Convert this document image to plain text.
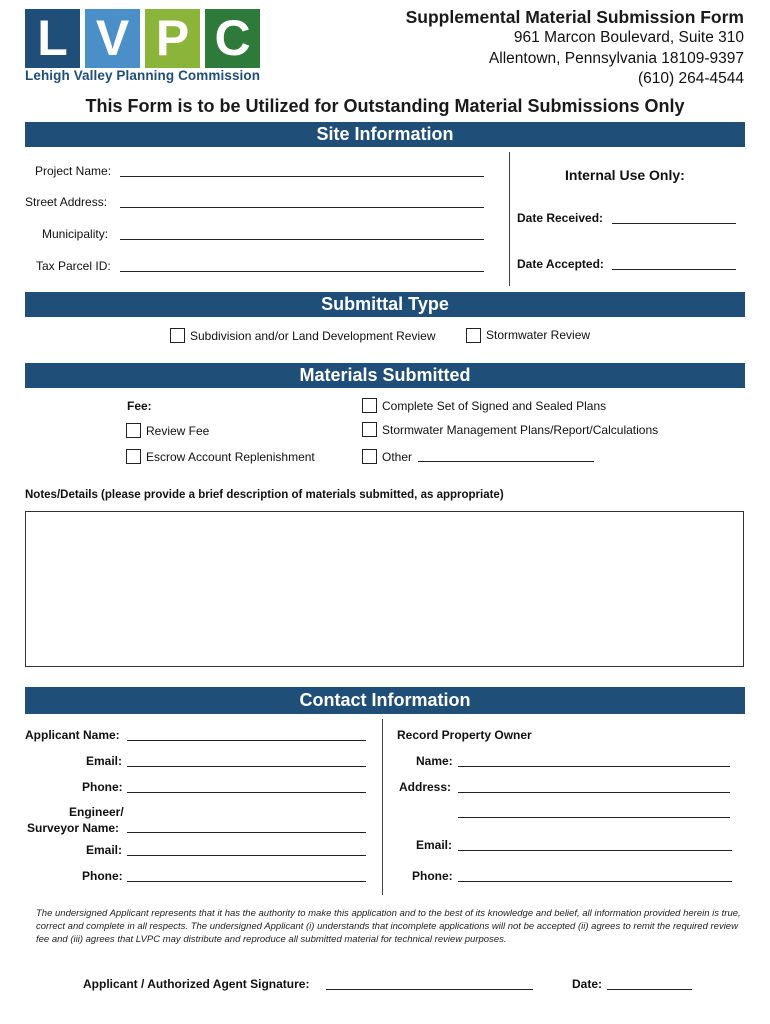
L V P C
Lehigh Valley Planning Commission
Supplemental Material Submission Form
961 Marcon Boulevard, Suite 310
Allentown, Pennsylvania 18109-9397
(610) 264-4544
This Form is to be Utilized for Outstanding Material Submissions Only
Site Information
Project Name:
Street Address:
Municipality:
Tax Parcel ID:
Internal Use Only:
Date Received:
Date Accepted:
Submittal Type
Subdivision and/or Land Development Review	Stormwater Review
Materials Submitted
Fee:
Review Fee
Escrow Account Replenishment
Complete Set of Signed and Sealed Plans
Stormwater Management Plans/Report/Calculations
Other
Notes/Details (please provide a brief description of materials submitted, as appropriate)
Contact Information
Applicant Name:
Email:
Phone:
Engineer/
Surveyor Name:
Email:
Phone:
Record Property Owner
Name:
Address:
Email:
Phone:
The undersigned Applicant represents that it has the authority to make this application and to the best of its knowledge and belief, all information provided herein is true, correct and complete in all respects. The undersigned Applicant (i) understands that incomplete applications will not be accepted (ii) agrees to remit the required review fee and (iii) agrees that LVPC may distribute and reproduce all submitted material for technical review purposes.
Applicant / Authorized Agent Signature:	Date:
